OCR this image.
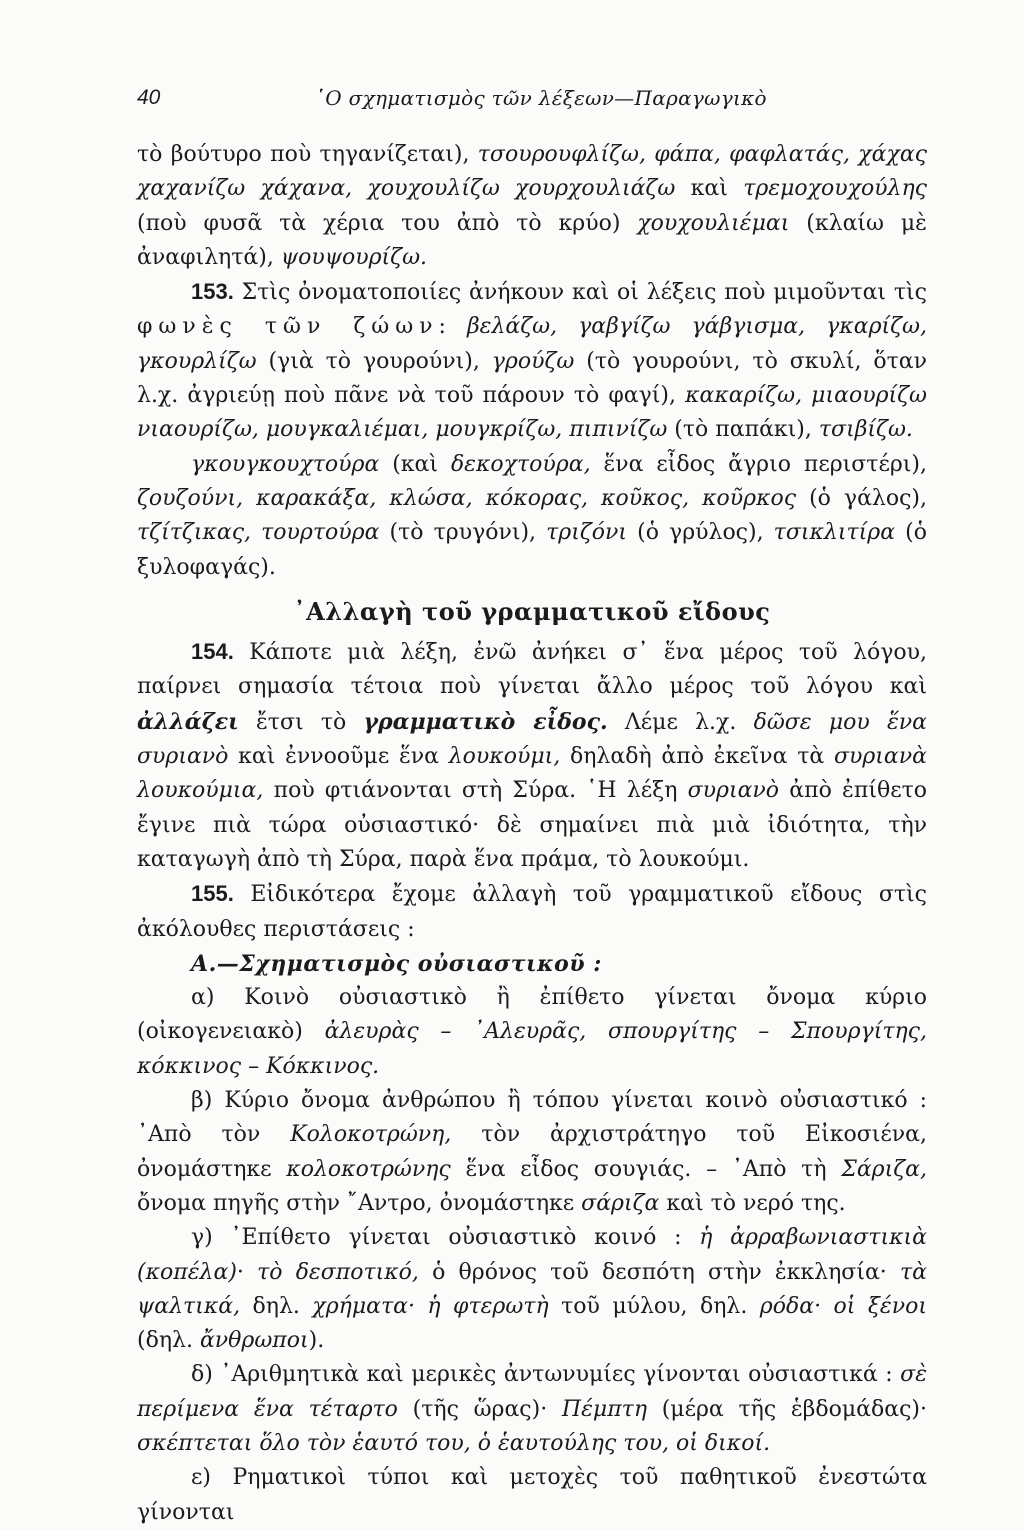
40	῾Ο σχηματισμὸς τῶν λέξεων—Παραγωγικὸ

τὸ βούτυρο ποὺ τηγανίζεται), τσουρουφλίζω, φάπα, φαφλατάς, χάχας χαχανίζω χάχανα, χουχουλίζω χουρχουλιάζω καὶ τρεμοχουχούλης (ποὺ φυσᾶ τὰ χέρια του ἀπὸ τὸ κρύο) χουχουλιέμαι (κλαίω μὲ ἀναφιλητά), ψουψουρίζω.

153. Στὶς ὀνοματοποιίες ἀνήκουν καὶ οἱ λέξεις ποὺ μιμοῦνται τὶς φωνὲς τῶν ζώων: βελάζω, γαβγίζω γάβγισμα, γκαρίζω, γκουρλίζω (γιὰ τὸ γουρούνι), γρούζω (τὸ γουρούνι, τὸ σκυλί, ὅταν λ.χ. ἀγριεύῃ ποὺ πᾶνε νὰ τοῦ πάρουν τὸ φαγί), κακαρίζω, μιαουρίζω νιαουρίζω, μουγκαλιέμαι, μουγκρίζω, πιπινίζω (τὸ παπάκι), τσιβίζω.

γκουγκουχτούρα (καὶ δεκοχτούρα, ἕνα εἶδος ἄγριο περιστέρι), ζουζούνι, καρακάξα, κλώσα, κόκορας, κοῦκος, κοῦρκος (ὁ γάλος), τζίτζικας, τουρτούρα (τὸ τρυγόνι), τριζόνι (ὁ γρύλος), τσικλιτίρα (ὁ ξυλοφαγάς).

᾿Αλλαγὴ τοῦ γραμματικοῦ εἴδους

154. Κάποτε μιὰ λέξη, ἐνῶ ἀνήκει σ᾿ ἕνα μέρος τοῦ λόγου, παίρνει σημασία τέτοια ποὺ γίνεται ἄλλο μέρος τοῦ λόγου καὶ ἀλλάζει ἔτσι τὸ γραμματικὸ εἶδος. Λέμε λ.χ. δῶσε μου ἕνα συριανὸ καὶ ἐννοοῦμε ἕνα λουκούμι, δηλαδὴ ἀπὸ ἐκεῖνα τὰ συριανὰ λουκούμια, ποὺ φτιάνονται στὴ Σύρα. ῾Η λέξη συριανὸ ἀπὸ ἐπίθετο ἔγινε πιὰ τώρα οὐσιαστικό· δὲ σημαίνει πιὰ μιὰ ἰδιότητα, τὴν καταγωγὴ ἀπὸ τὴ Σύρα, παρὰ ἕνα πράμα, τὸ λουκούμι.

155. Εἰδικότερα ἔχομε ἀλλαγὴ τοῦ γραμματικοῦ εἴδους στὶς ἀκόλουθες περιστάσεις :

Α.—Σχηματισμὸς οὐσιαστικοῦ :

α) Κοινὸ οὐσιαστικὸ ἢ ἐπίθετο γίνεται ὄνομα κύριο (οἰκογενειακὸ) ἀλευρὰς – ᾿Αλευρᾶς, σπουργίτης – Σπουργίτης, κόκκινος – Κόκκινος.

β) Κύριο ὄνομα ἀνθρώπου ἢ τόπου γίνεται κοινὸ οὐσιαστικό : ᾿Απὸ τὸν Κολοκοτρώνη, τὸν ἀρχιστράτηγο τοῦ Εἰκοσιένα, ὀνομάστηκε κολοκοτρώνης ἕνα εἶδος σουγιάς. – ᾿Απὸ τὴ Σάριζα, ὄνομα πηγῆς στὴν ῎Αντρο, ὀνομάστηκε σάριζα καὶ τὸ νερό της.

γ) ᾿Επίθετο γίνεται οὐσιαστικὸ κοινό : ἡ ἀρραβωνιαστικιὰ (κοπέλα)· τὸ δεσποτικό, ὁ θρόνος τοῦ δεσπότη στὴν ἐκκλησία· τὰ ψαλτικά, δηλ. χρήματα· ἡ φτερωτὴ τοῦ μύλου, δηλ. ρόδα· οἱ ξένοι (δηλ. ἄνθρωποι).

δ) ᾿Αριθμητικὰ καὶ μερικὲς ἀντωνυμίες γίνονται οὐσιαστικά : σὲ περίμενα ἕνα τέταρτο (τῆς ὥρας)· Πέμπτη (μέρα τῆς ἑβδομάδας)· σκέπτεται ὅλο τὸν ἑαυτό του, ὁ ἑαυτούλης του, οἱ δικοί.

ε) Ρηματικοὶ τύποι καὶ μετοχὲς τοῦ παθητικοῦ ἐνεστώτα γίνονται
